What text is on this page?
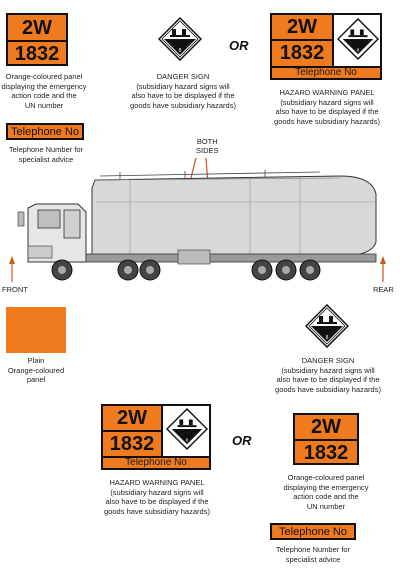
2W
1832
Orange-coloured panel
displaying the emergency
action code and the
UN number
Telephone No
Telephone Number for
specialist advice
8
DANGER SIGN
(subsidiary hazard signs will
also have to be displayed if the
goods have subsidiary hazards)
OR
2W
1832
Telephone No
8
HAZARD WARNING PANEL
(subsidiary hazard signs will
also have to be displayed if the
goods have subsidiary hazards)
BOTH
SIDES
FRONT	REAR
Plain
Orange-coloured
panel
8
DANGER SIGN
(subsidiary hazard signs will
also have to be displayed if the
goods have subsidiary hazards)
2W
1832
Telephone No
8
HAZARD WARNING PANEL
(subsidiary hazard signs will
also have to be displayed if the
goods have subsidiary hazards)
OR
2W
1832
Orange-coloured panel
displaying the emergency
action code and the
UN number
Telephone No
Telephone Number for
specialist advice
